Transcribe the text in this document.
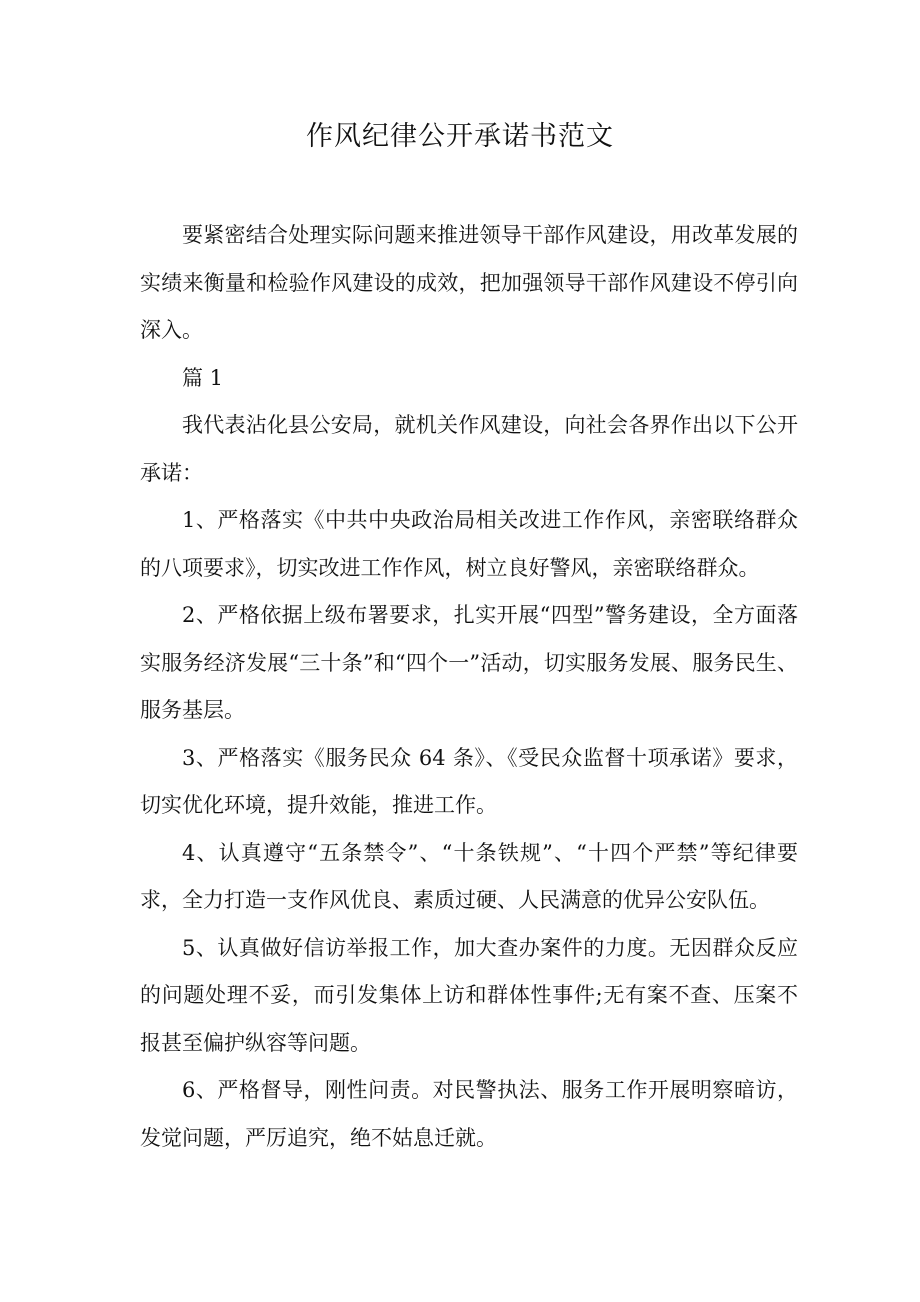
作风纪律公开承诺书范文

要紧密结合处理实际问题来推进领导干部作风建设，用改革发展的实绩来衡量和检验作风建设的成效，把加强领导干部作风建设不停引向深入。

篇 1

我代表沾化县公安局，就机关作风建设，向社会各界作出以下公开承诺：

1、严格落实《中共中央政治局相关改进工作作风，亲密联络群众的八项要求》，切实改进工作作风，树立良好警风，亲密联络群众。

2、严格依据上级布署要求，扎实开展“四型”警务建设，全方面落实服务经济发展“三十条”和“四个一”活动，切实服务发展、服务民生、服务基层。

3、严格落实《服务民众 64 条》、《受民众监督十项承诺》要求，切实优化环境，提升效能，推进工作。

4、认真遵守“五条禁令”、“十条铁规”、“十四个严禁”等纪律要求，全力打造一支作风优良、素质过硬、人民满意的优异公安队伍。

5、认真做好信访举报工作，加大查办案件的力度。无因群众反应的问题处理不妥，而引发集体上访和群体性事件;无有案不查、压案不报甚至偏护纵容等问题。

6、严格督导，刚性问责。对民警执法、服务工作开展明察暗访，发觉问题，严厉追究，绝不姑息迁就。
